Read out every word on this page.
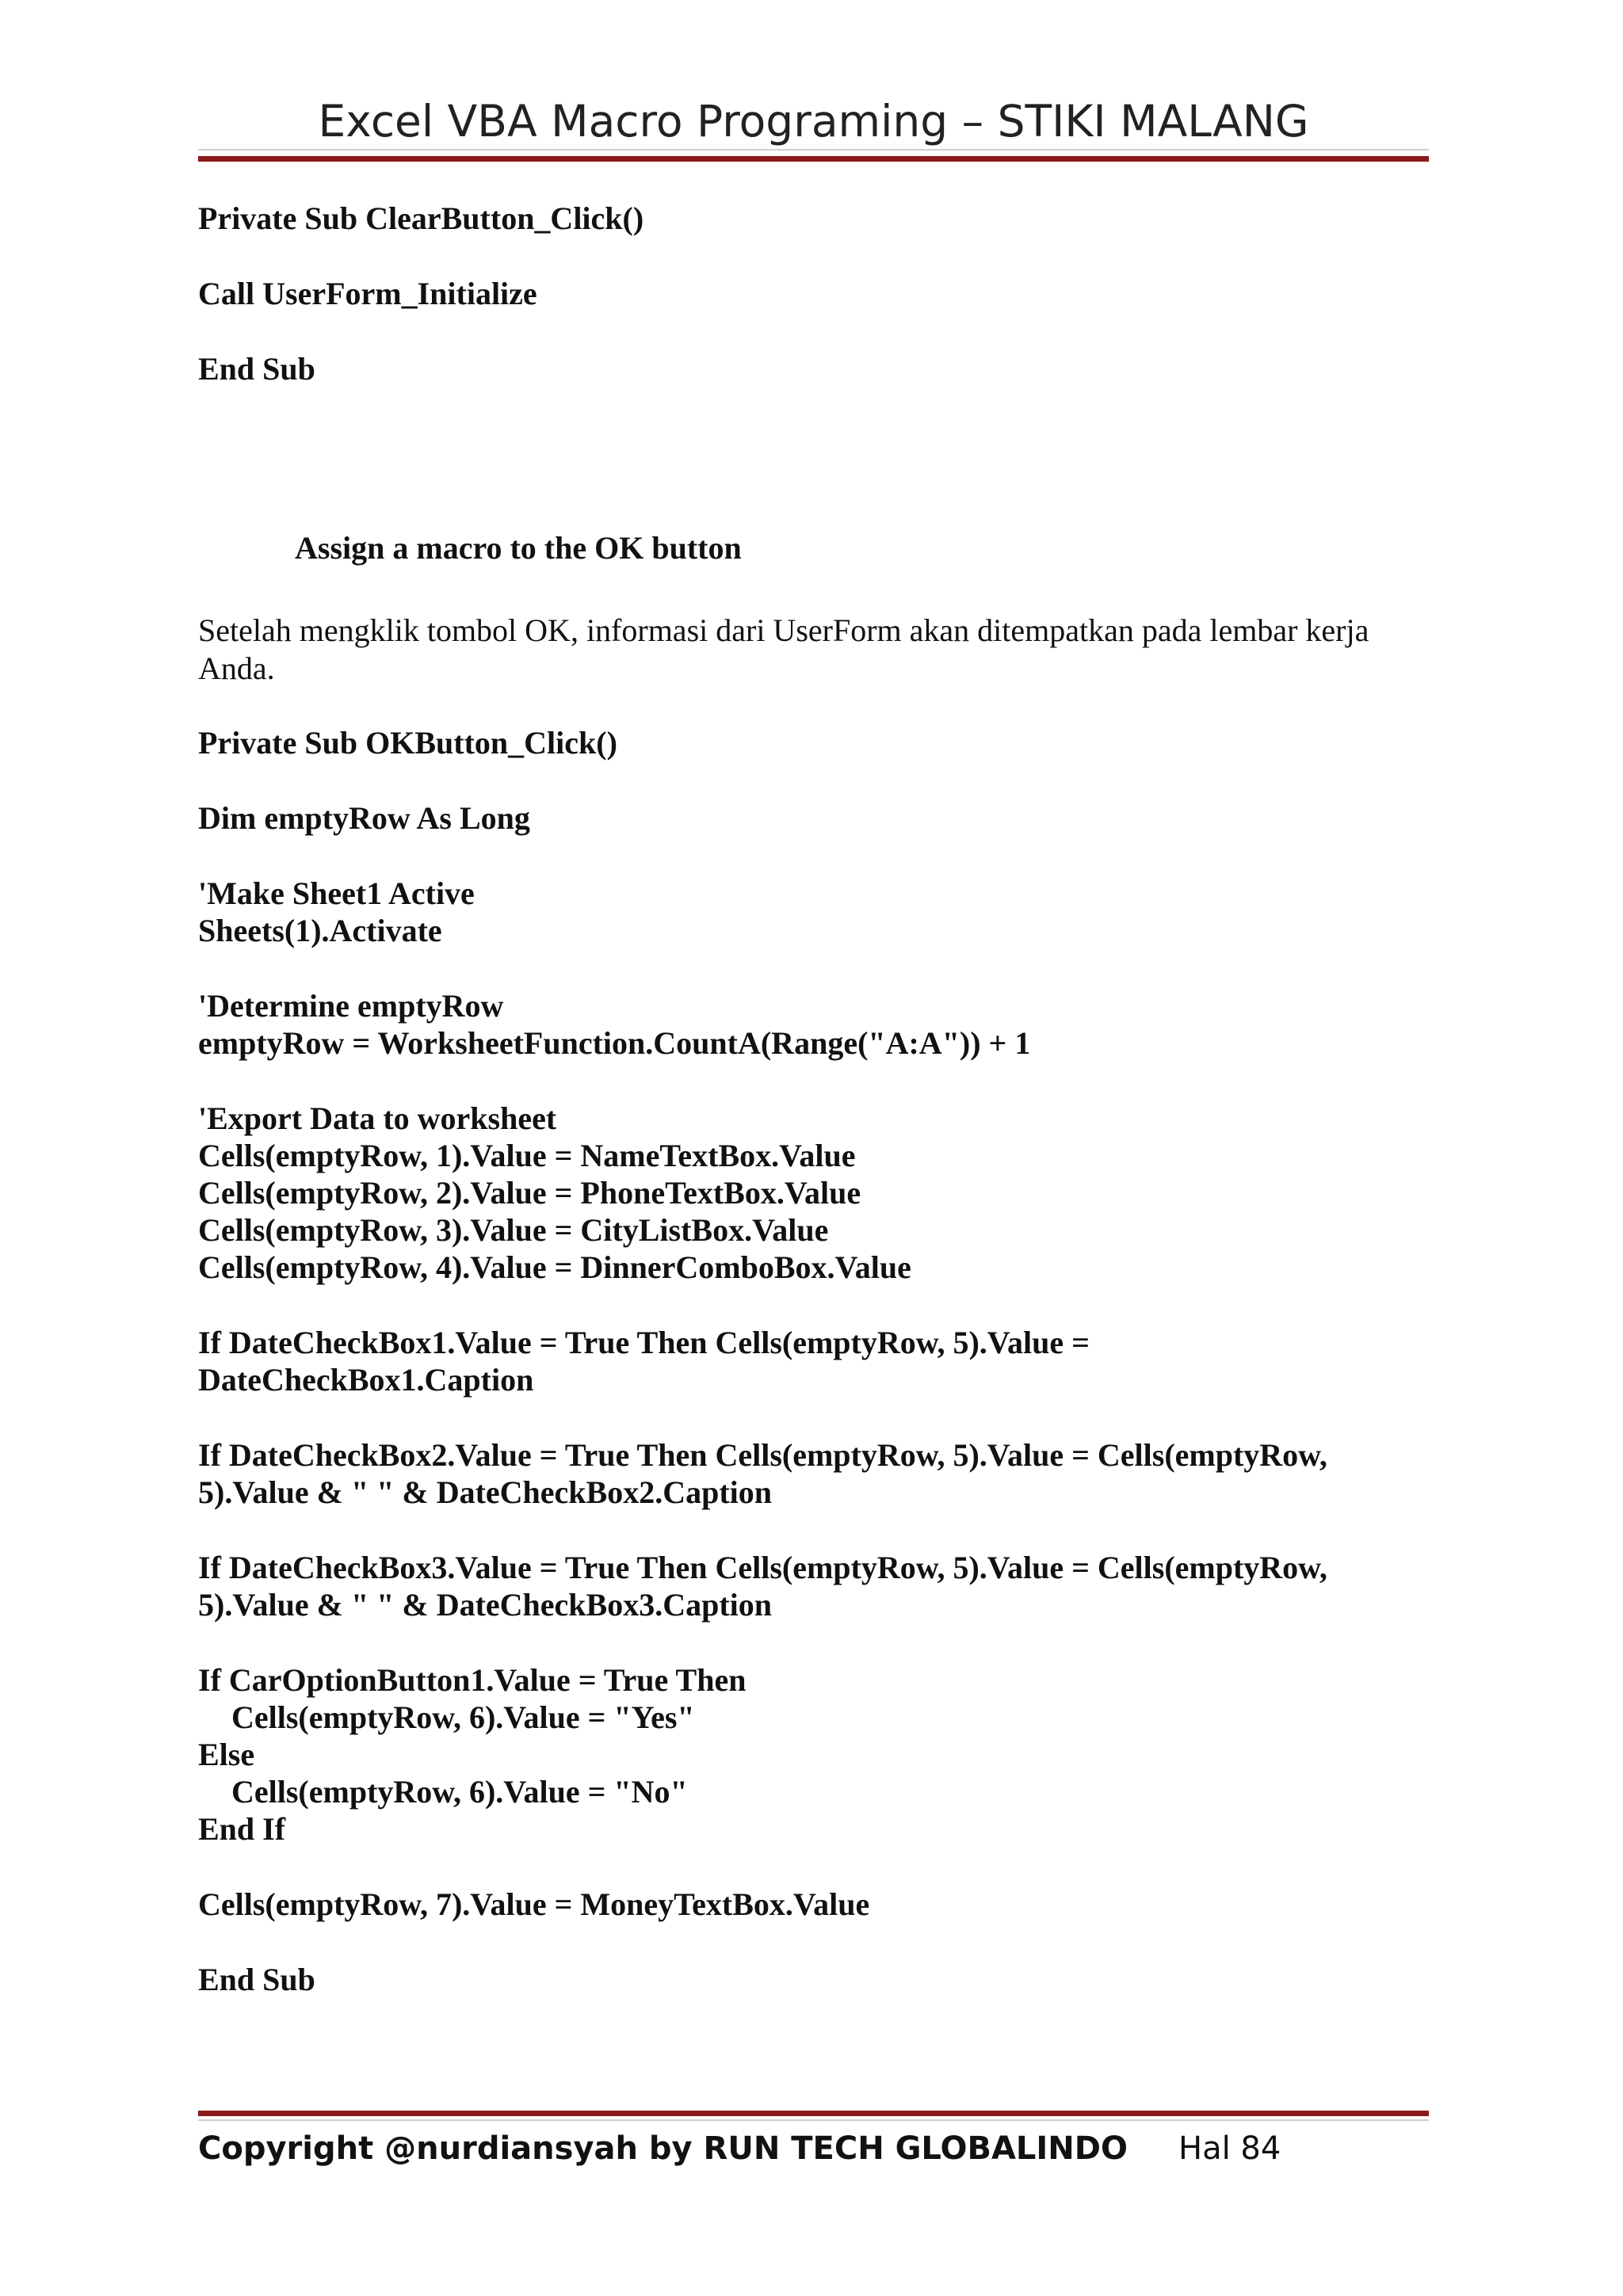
Excel VBA Macro Programing – STIKI MALANG
Private Sub ClearButton_Click()
Call UserForm_Initialize
End Sub
Assign a macro to the OK button
Setelah mengklik tombol OK, informasi dari UserForm akan ditempatkan pada lembar kerja
Anda.
Private Sub OKButton_Click()
Dim emptyRow As Long
'Make Sheet1 Active
Sheets(1).Activate
'Determine emptyRow
emptyRow = WorksheetFunction.CountA(Range("A:A")) + 1
'Export Data to worksheet
Cells(emptyRow, 1).Value = NameTextBox.Value
Cells(emptyRow, 2).Value = PhoneTextBox.Value
Cells(emptyRow, 3).Value = CityListBox.Value
Cells(emptyRow, 4).Value = DinnerComboBox.Value
If DateCheckBox1.Value = True Then Cells(emptyRow, 5).Value =
DateCheckBox1.Caption
If DateCheckBox2.Value = True Then Cells(emptyRow, 5).Value = Cells(emptyRow,
5).Value & " " & DateCheckBox2.Caption
If DateCheckBox3.Value = True Then Cells(emptyRow, 5).Value = Cells(emptyRow,
5).Value & " " & DateCheckBox3.Caption
If CarOptionButton1.Value = True Then
Cells(emptyRow, 6).Value = "Yes"
Else
Cells(emptyRow, 6).Value = "No"
End If
Cells(emptyRow, 7).Value = MoneyTextBox.Value
End Sub
Copyright @nurdiansyah by RUN TECH GLOBALINDO Hal 84
